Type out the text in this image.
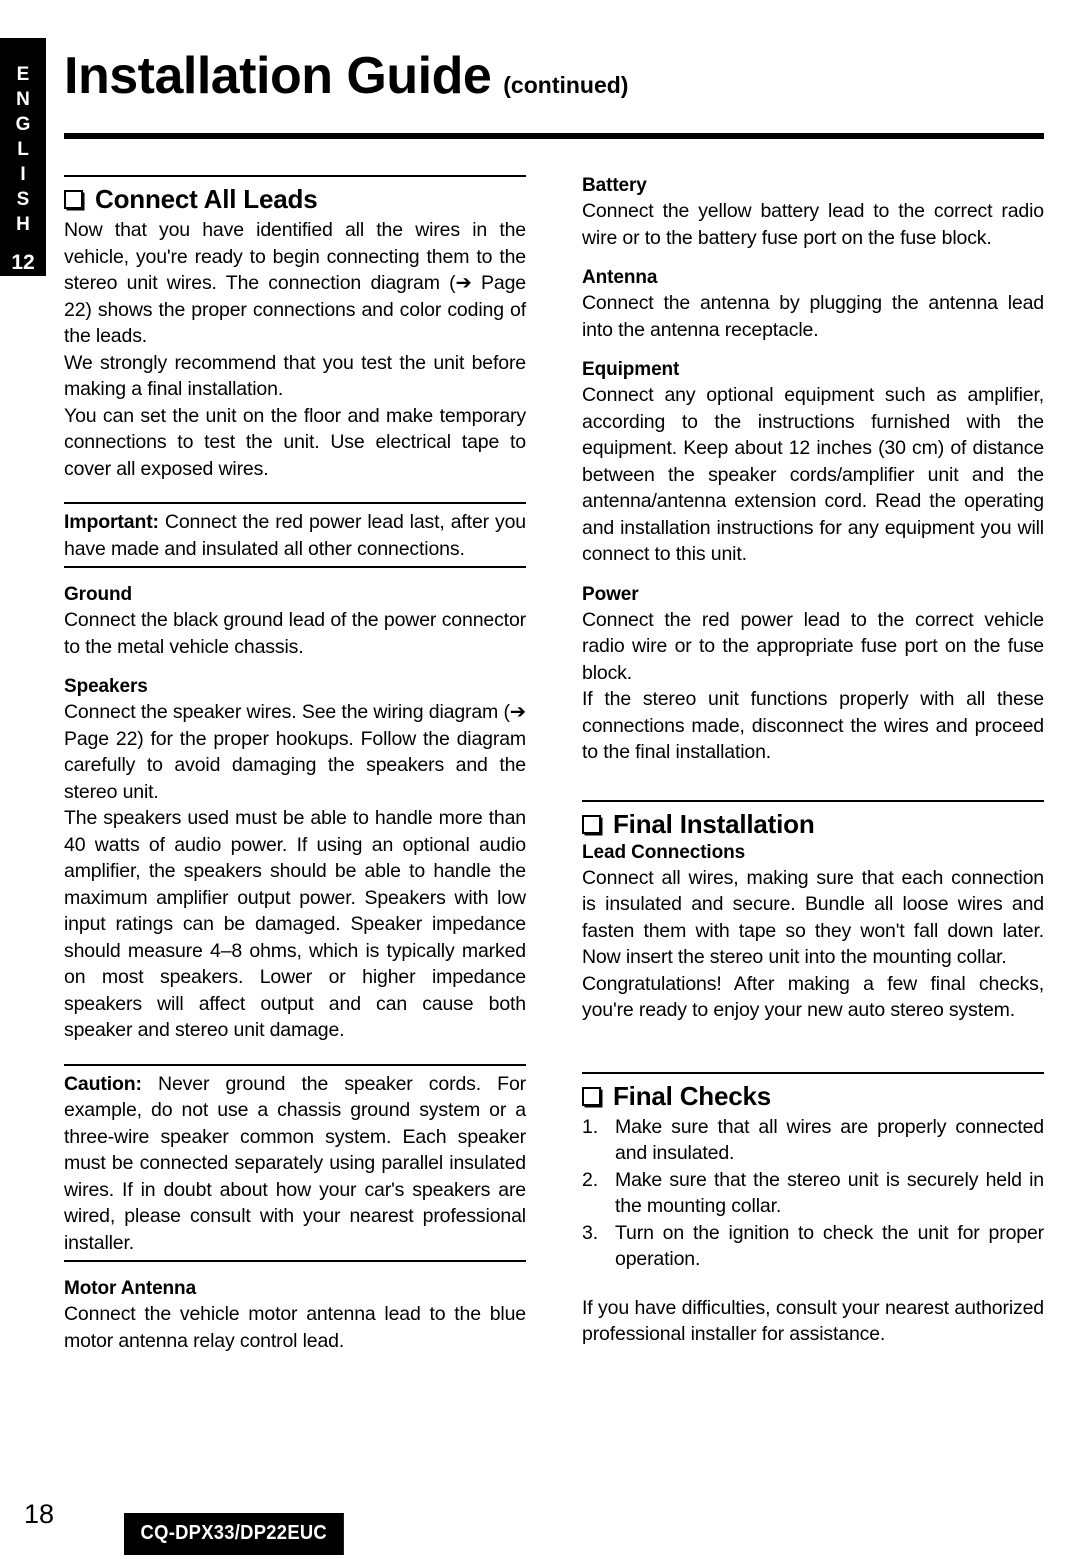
E
N
G
L
I
S
H
12
Installation Guide (continued)
Connect All Leads

Now that you have identified all the wires in the vehicle, you're ready to begin connecting them to the stereo unit wires. The connection diagram (➔ Page 22) shows the proper connections and color coding of the leads.

We strongly recommend that you test the unit before making a final installation.

You can set the unit on the floor and make temporary connections to test the unit. Use electrical tape to cover all exposed wires.

Important: Connect the red power lead last, after you have made and insulated all other connections.

Ground

Connect the black ground lead of the power connector to the metal vehicle chassis.

Speakers

Connect the speaker wires. See the wiring diagram (➔ Page 22) for the proper hookups. Follow the diagram carefully to avoid damaging the speakers and the stereo unit.

The speakers used must be able to handle more than 40 watts of audio power. If using an optional audio amplifier, the speakers should be able to handle the maximum amplifier output power. Speakers with low input ratings can be damaged. Speaker impedance should measure 4–8 ohms, which is typically marked on most speakers. Lower or higher impedance speakers will affect output and can cause both speaker and stereo unit damage.

Caution: Never ground the speaker cords. For example, do not use a chassis ground system or a three-wire speaker common system. Each speaker must be connected separately using parallel insulated wires. If in doubt about how your car's speakers are wired, please consult with your nearest professional installer.

Motor Antenna

Connect the vehicle motor antenna lead to the blue motor antenna relay control lead.

Battery

Connect the yellow battery lead to the correct radio wire or to the battery fuse port on the fuse block.

Antenna

Connect the antenna by plugging the antenna lead into the antenna receptacle.

Equipment

Connect any optional equipment such as amplifier, according to the instructions furnished with the equipment. Keep about 12 inches (30 cm) of distance between the speaker cords/amplifier unit and the antenna/antenna extension cord. Read the operating and installation instructions for any equipment you will connect to this unit.

Power

Connect the red power lead to the correct vehicle radio wire or to the appropriate fuse port on the fuse block.

If the stereo unit functions properly with all these connections made, disconnect the wires and proceed to the final installation.

Final Installation
Lead Connections

Connect all wires, making sure that each connection is insulated and secure. Bundle all loose wires and fasten them with tape so they won't fall down later. Now insert the stereo unit into the mounting collar.

Congratulations! After making a few final checks, you're ready to enjoy your new auto stereo system.

Final Checks
1. Make sure that all wires are properly connected and insulated.
2. Make sure that the stereo unit is securely held in the mounting collar.
3. Turn on the ignition to check the unit for proper operation.

If you have difficulties, consult your nearest authorized professional installer for assistance.

18
CQ-DPX33/DP22EUC
